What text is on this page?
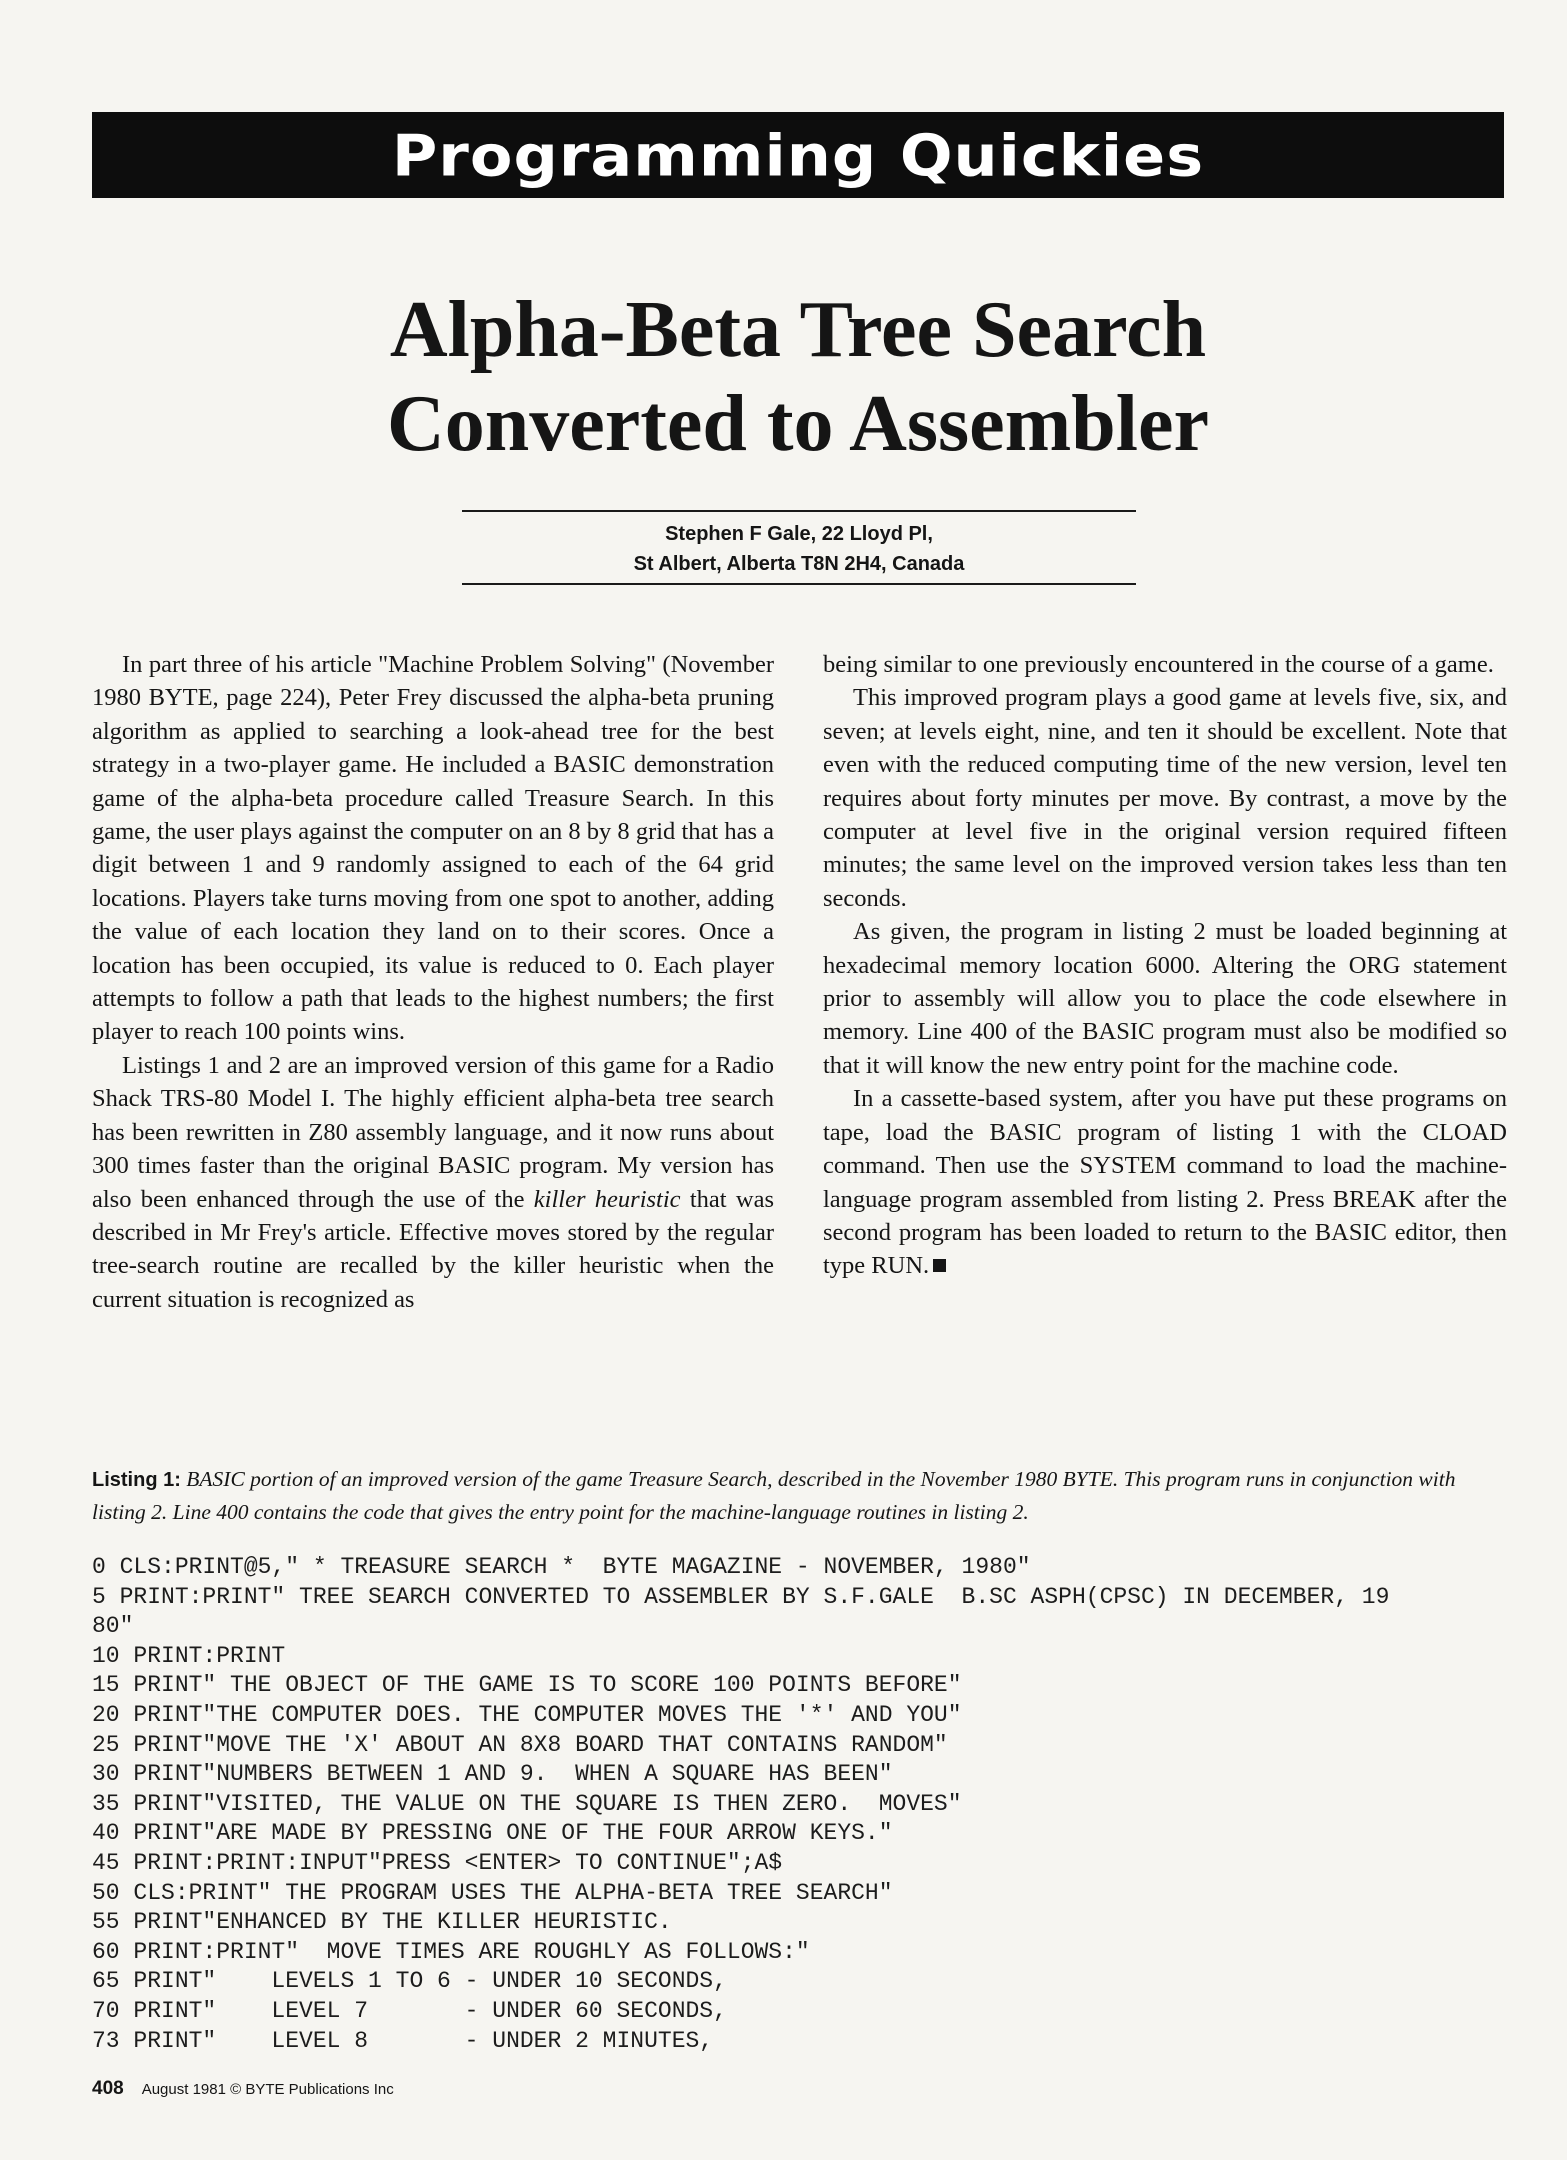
Programming Quickies
Alpha-Beta Tree Search
Converted to Assembler
Stephen F Gale, 22 Lloyd Pl,
St Albert, Alberta T8N 2H4, Canada

In part three of his article "Machine Problem Solving" (November 1980 BYTE, page 224), Peter Frey discussed the alpha-beta pruning algorithm as applied to searching a look-ahead tree for the best strategy in a two-player game. He included a BASIC demonstration game of the alpha-beta procedure called Treasure Search. In this game, the user plays against the computer on an 8 by 8 grid that has a digit between 1 and 9 randomly assigned to each of the 64 grid locations. Players take turns moving from one spot to another, adding the value of each location they land on to their scores. Once a location has been occupied, its value is reduced to 0. Each player attempts to follow a path that leads to the highest numbers; the first player to reach 100 points wins.

Listings 1 and 2 are an improved version of this game for a Radio Shack TRS-80 Model I. The highly efficient alpha-beta tree search has been rewritten in Z80 assembly language, and it now runs about 300 times faster than the original BASIC program. My version has also been enhanced through the use of the killer heuristic that was described in Mr Frey's article. Effective moves stored by the regular tree-search routine are recalled by the killer heuristic when the current situation is recognized as

being similar to one previously encountered in the course of a game.

This improved program plays a good game at levels five, six, and seven; at levels eight, nine, and ten it should be excellent. Note that even with the reduced computing time of the new version, level ten requires about forty minutes per move. By contrast, a move by the computer at level five in the original version required fifteen minutes; the same level on the improved version takes less than ten seconds.

As given, the program in listing 2 must be loaded beginning at hexadecimal memory location 6000. Altering the ORG statement prior to assembly will allow you to place the code elsewhere in memory. Line 400 of the BASIC program must also be modified so that it will know the new entry point for the machine code.

In a cassette-based system, after you have put these programs on tape, load the BASIC program of listing 1 with the CLOAD command. Then use the SYSTEM command to load the machine-language program assembled from listing 2. Press BREAK after the second program has been loaded to return to the BASIC editor, then type RUN.

Listing 1: BASIC portion of an improved version of the game Treasure Search, described in the November 1980 BYTE. This program runs in conjunction with listing 2. Line 400 contains the code that gives the entry point for the machine-language routines in listing 2.
0 CLS:PRINT@5," * TREASURE SEARCH *  BYTE MAGAZINE - NOVEMBER, 1980"
5 PRINT:PRINT" TREE SEARCH CONVERTED TO ASSEMBLER BY S.F.GALE  B.SC ASPH(CPSC) IN DECEMBER, 19
80"
10 PRINT:PRINT
15 PRINT" THE OBJECT OF THE GAME IS TO SCORE 100 POINTS BEFORE"
20 PRINT"THE COMPUTER DOES. THE COMPUTER MOVES THE '*' AND YOU"
25 PRINT"MOVE THE 'X' ABOUT AN 8X8 BOARD THAT CONTAINS RANDOM"
30 PRINT"NUMBERS BETWEEN 1 AND 9.  WHEN A SQUARE HAS BEEN"
35 PRINT"VISITED, THE VALUE ON THE SQUARE IS THEN ZERO.  MOVES"
40 PRINT"ARE MADE BY PRESSING ONE OF THE FOUR ARROW KEYS."
45 PRINT:PRINT:INPUT"PRESS <ENTER> TO CONTINUE";A$
50 CLS:PRINT" THE PROGRAM USES THE ALPHA-BETA TREE SEARCH"
55 PRINT"ENHANCED BY THE KILLER HEURISTIC.
60 PRINT:PRINT"  MOVE TIMES ARE ROUGHLY AS FOLLOWS:"
65 PRINT"    LEVELS 1 TO 6 - UNDER 10 SECONDS,
70 PRINT"    LEVEL 7       - UNDER 60 SECONDS,
73 PRINT"    LEVEL 8       - UNDER 2 MINUTES,
408 August 1981 © BYTE Publications Inc
